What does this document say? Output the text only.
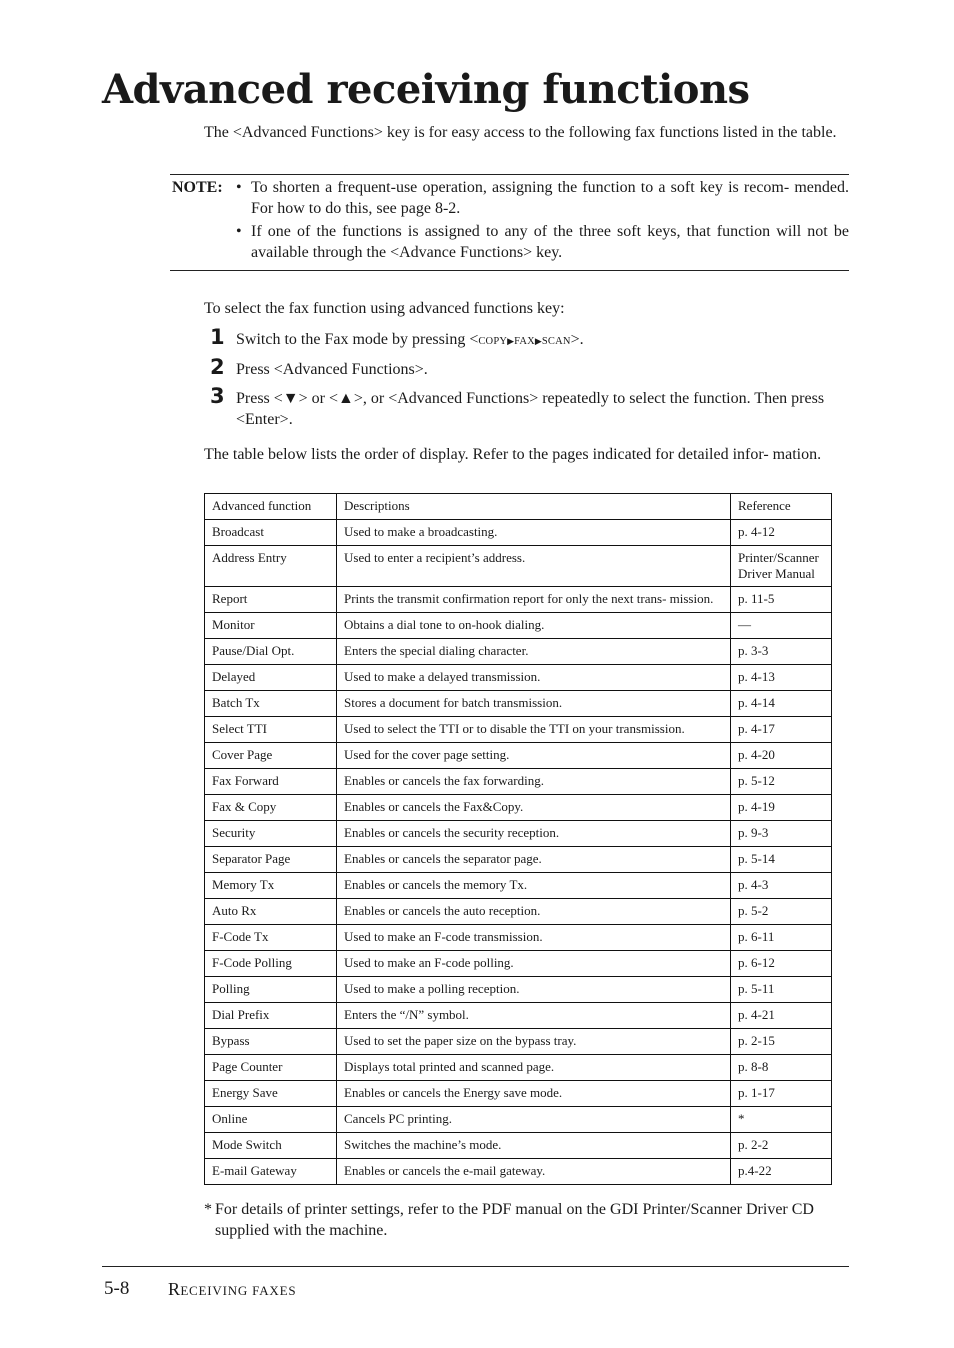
Advanced receiving functions
The <Advanced Functions> key is for easy access to the following fax functions listed in the table.
NOTE: • To shorten a frequent-use operation, assigning the function to a soft key is recom- mended. For how to do this, see page 8-2.
• If one of the functions is assigned to any of the three soft keys, that function will not be available through the <Advance Functions> key.
To select the fax function using advanced functions key:
1 Switch to the Fax mode by pressing <COPY▶FAX▶SCAN>.
2 Press <Advanced Functions>.
3 Press <▼> or <▲>, or <Advanced Functions> repeatedly to select the function. Then press <Enter>.
The table below lists the order of display. Refer to the pages indicated for detailed infor- mation.
Advanced function	Descriptions	Reference
Broadcast	Used to make a broadcasting.	p. 4-12
Address Entry	Used to enter a recipient’s address.	Printer/Scanner Driver Manual
Report	Prints the transmit confirmation report for only the next trans- mission.	p. 11-5
Monitor	Obtains a dial tone to on-hook dialing.	—
Pause/Dial Opt.	Enters the special dialing character.	p. 3-3
Delayed	Used to make a delayed transmission.	p. 4-13
Batch Tx	Stores a document for batch transmission.	p. 4-14
Select TTI	Used to select the TTI or to disable the TTI on your transmission.	p. 4-17
Cover Page	Used for the cover page setting.	p. 4-20
Fax Forward	Enables or cancels the fax forwarding.	p. 5-12
Fax & Copy	Enables or cancels the Fax&Copy.	p. 4-19
Security	Enables or cancels the security reception.	p. 9-3
Separator Page	Enables or cancels the separator page.	p. 5-14
Memory Tx	Enables or cancels the memory Tx.	p. 4-3
Auto Rx	Enables or cancels the auto reception.	p. 5-2
F-Code Tx	Used to make an F-code transmission.	p. 6-11
F-Code Polling	Used to make an F-code polling.	p. 6-12
Polling	Used to make a polling reception.	p. 5-11
Dial Prefix	Enters the “/N” symbol.	p. 4-21
Bypass	Used to set the paper size on the bypass tray.	p. 2-15
Page Counter	Displays total printed and scanned page.	p. 8-8
Energy Save	Enables or cancels the Energy save mode.	p. 1-17
Online	Cancels PC printing.	*
Mode Switch	Switches the machine’s mode.	p. 2-2
E-mail Gateway	Enables or cancels the e-mail gateway.	p.4-22
* For details of printer settings, refer to the PDF manual on the GDI Printer/Scanner Driver CD supplied with the machine.
5-8 RECEIVING FAXES
